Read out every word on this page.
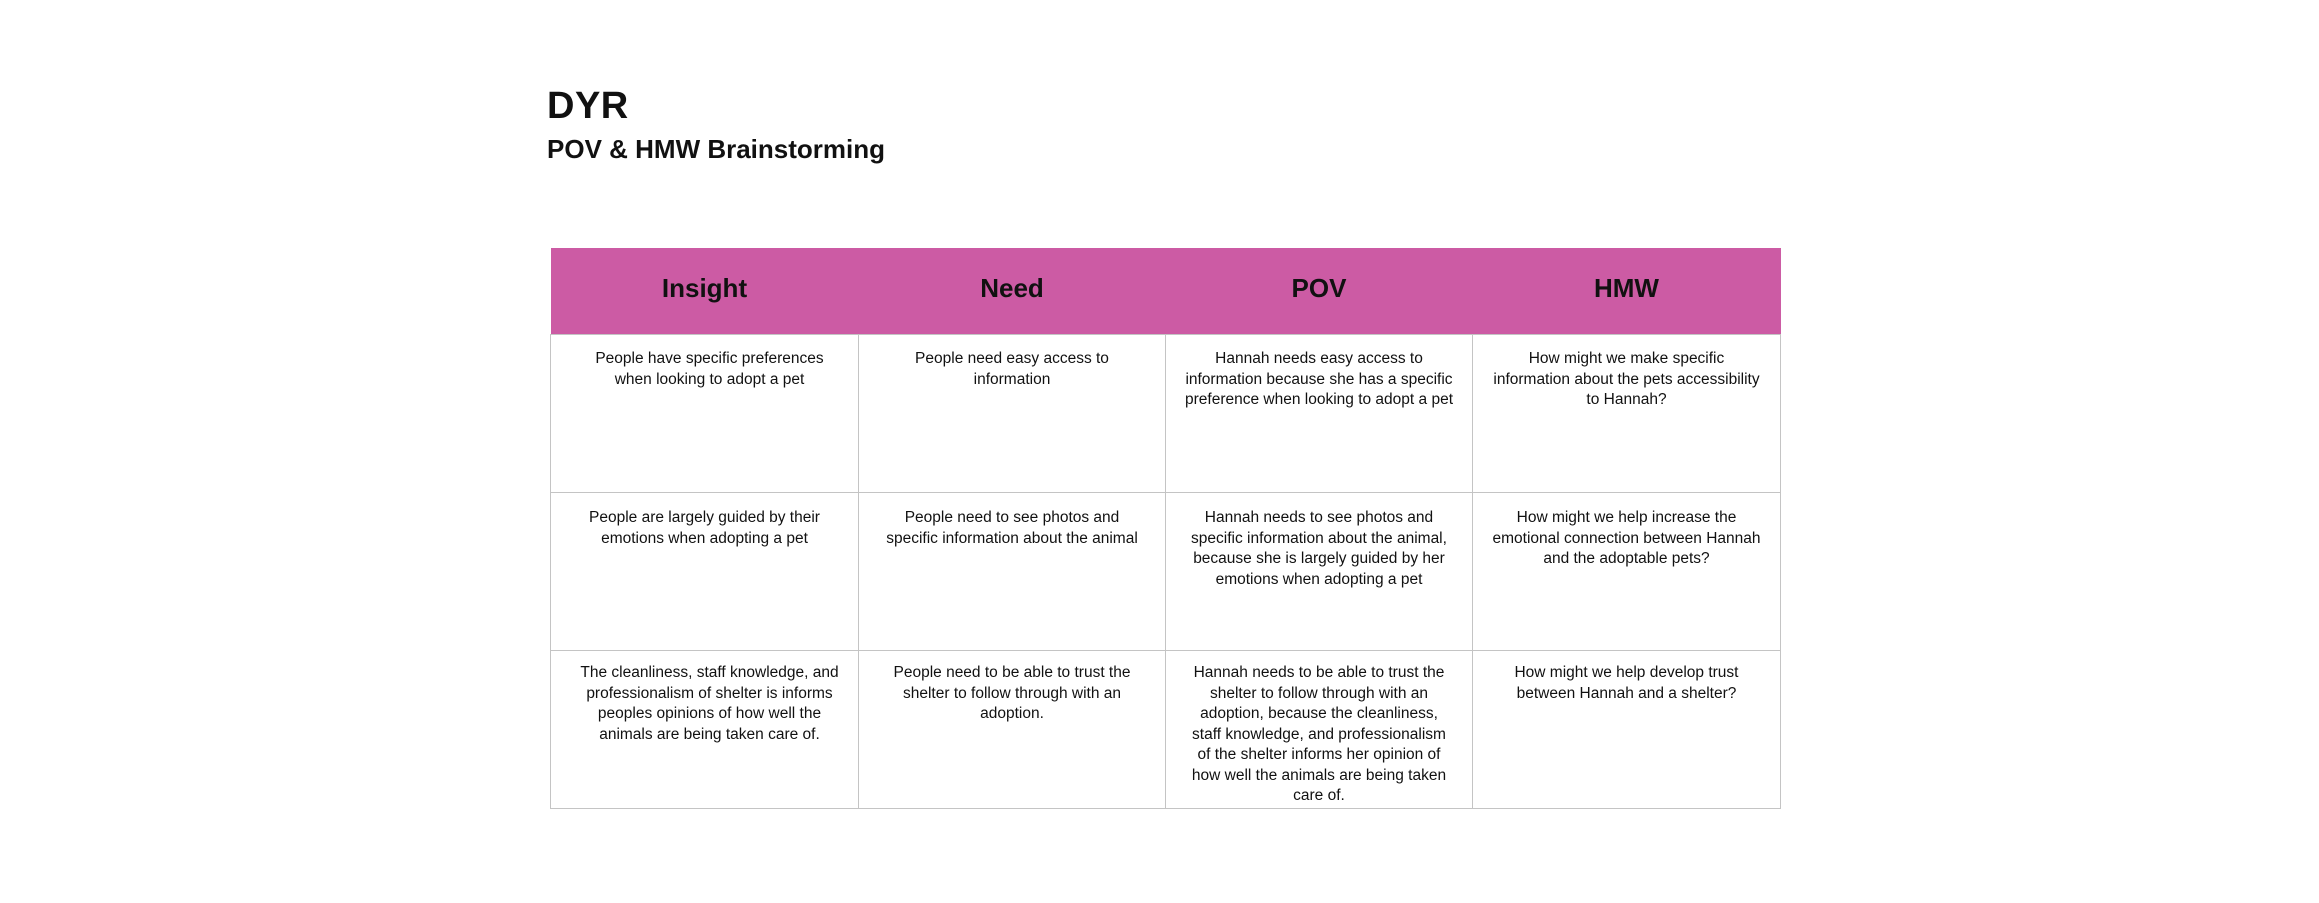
DYR
POV & HMW Brainstorming
Insight	Need	POV	HMW
People have specific preferences when looking to adopt a pet	People need easy access to information	Hannah needs easy access to information because she has a specific preference when looking to adopt a pet	How might we make specific information about the pets accessibility to Hannah?
People are largely guided by their emotions when adopting a pet	People need to see photos and specific information about the animal	Hannah needs to see photos and specific information about the animal, because she is largely guided by her emotions when adopting a pet	How might we help increase the emotional connection between Hannah and the adoptable pets?
The cleanliness, staff knowledge, and professionalism of shelter is informs peoples opinions of how well the animals are being taken care of.	People need to be able to trust the shelter to follow through with an adoption.	Hannah needs to be able to trust the shelter to follow through with an adoption, because the cleanliness, staff knowledge, and professionalism of the shelter informs her opinion of how well the animals are being taken care of.	How might we help develop trust between Hannah and a shelter?
